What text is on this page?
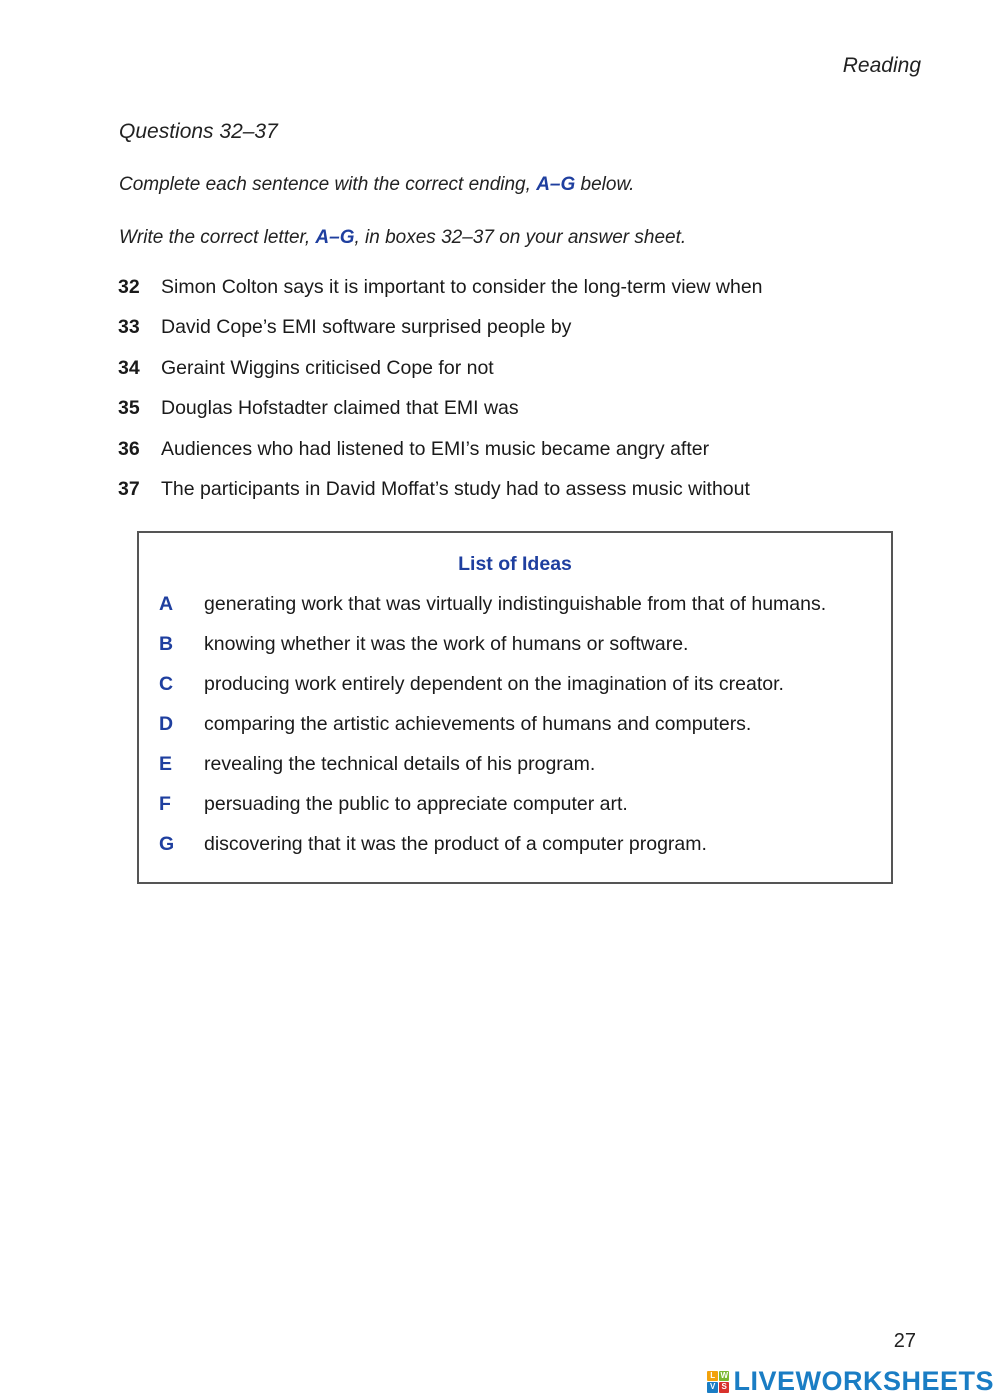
Reading
Questions 32–37
Complete each sentence with the correct ending, A–G below.
Write the correct letter, A–G, in boxes 32–37 on your answer sheet.
32	Simon Colton says it is important to consider the long-term view when
33	David Cope’s EMI software surprised people by
34	Geraint Wiggins criticised Cope for not
35	Douglas Hofstadter claimed that EMI was
36	Audiences who had listened to EMI’s music became angry after
37	The participants in David Moffat’s study had to assess music without
List of Ideas
A	generating work that was virtually indistinguishable from that of humans.
B	knowing whether it was the work of humans or software.
C	producing work entirely dependent on the imagination of its creator.
D	comparing the artistic achievements of humans and computers.
E	revealing the technical details of his program.
F	persuading the public to appreciate computer art.
G	discovering that it was the product of a computer program.
27
L W
V S LIVEWORKSHEETS
